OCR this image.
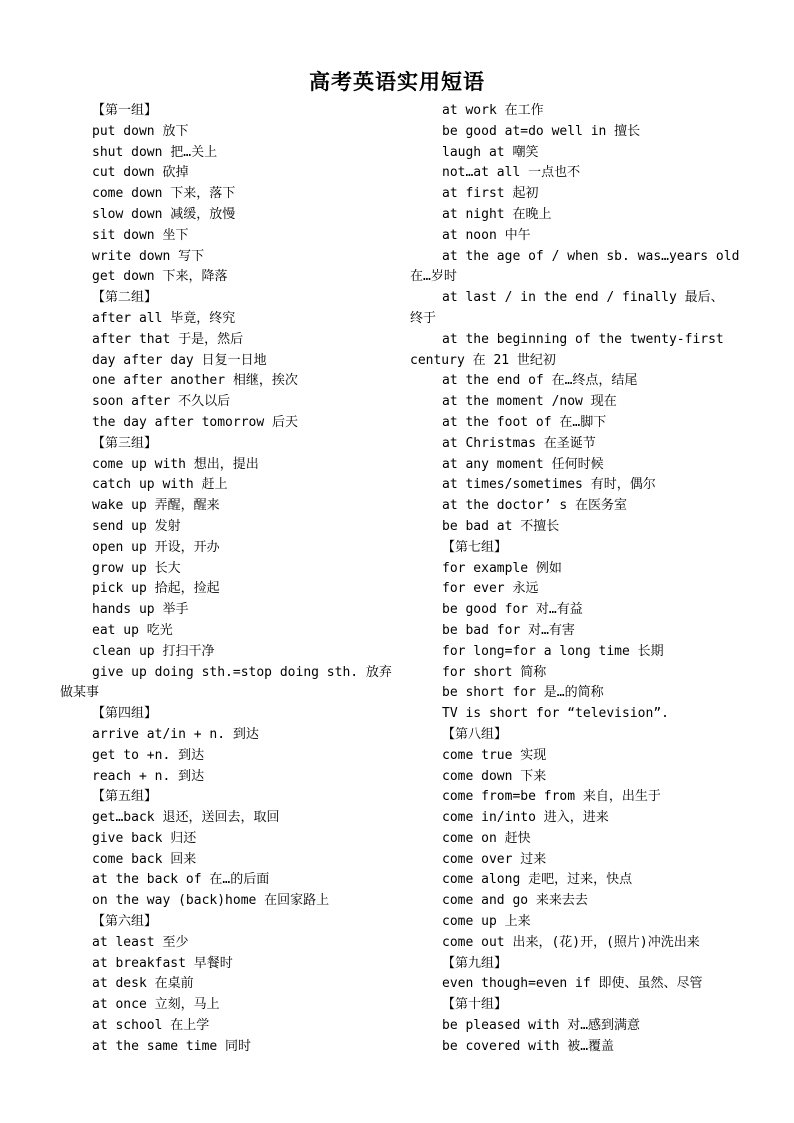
高考英语实用短语
【第一组】
put down 放下
shut down 把…关上
cut down 砍掉
come down 下来，落下
slow down 减缓，放慢
sit down 坐下
write down 写下
get down 下来，降落
【第二组】
after all 毕竟，终究
after that 于是，然后
day after day 日复一日地
one after another 相继，挨次
soon after 不久以后
the day after tomorrow 后天
【第三组】
come up with 想出，提出
catch up with 赶上
wake up 弄醒，醒来
send up 发射
open up 开设，开办
grow up 长大
pick up 拾起，捡起
hands up 举手
eat up 吃光
clean up 打扫干净
give up doing sth.=stop doing sth. 放弃
做某事
【第四组】
arrive at/in + n. 到达
get to +n. 到达
reach + n. 到达
【第五组】
get…back 退还，送回去，取回
give back 归还
come back 回来
at the back of 在…的后面
on the way (back)home 在回家路上
【第六组】
at least 至少
at breakfast 早餐时
at desk 在桌前
at once 立刻，马上
at school 在上学
at the same time 同时
at work 在工作
be good at=do well in 擅长
laugh at 嘲笑
not…at all 一点也不
at first 起初
at night 在晚上
at noon 中午
at the age of / when sb. was…years old
在…岁时
at last / in the end / finally 最后、
终于
at the beginning of the twenty-first
century 在 21 世纪初
at the end of 在…终点，结尾
at the moment /now 现在
at the foot of 在…脚下
at Christmas 在圣诞节
at any moment 任何时候
at times/sometimes 有时，偶尔
at the doctor’ s 在医务室
be bad at 不擅长
【第七组】
for example 例如
for ever 永远
be good for 对…有益
be bad for 对…有害
for long=for a long time 长期
for short 简称
be short for 是…的简称
TV is short for “television”.
【第八组】
come true 实现
come down 下来
come from=be from 来自，出生于
come in/into 进入，进来
come on 赶快
come over 过来
come along 走吧，过来，快点
come and go 来来去去
come up 上来
come out 出来，(花)开，(照片)冲洗出来
【第九组】
even though=even if 即使、虽然、尽管
【第十组】
be pleased with 对…感到满意
be covered with 被…覆盖
